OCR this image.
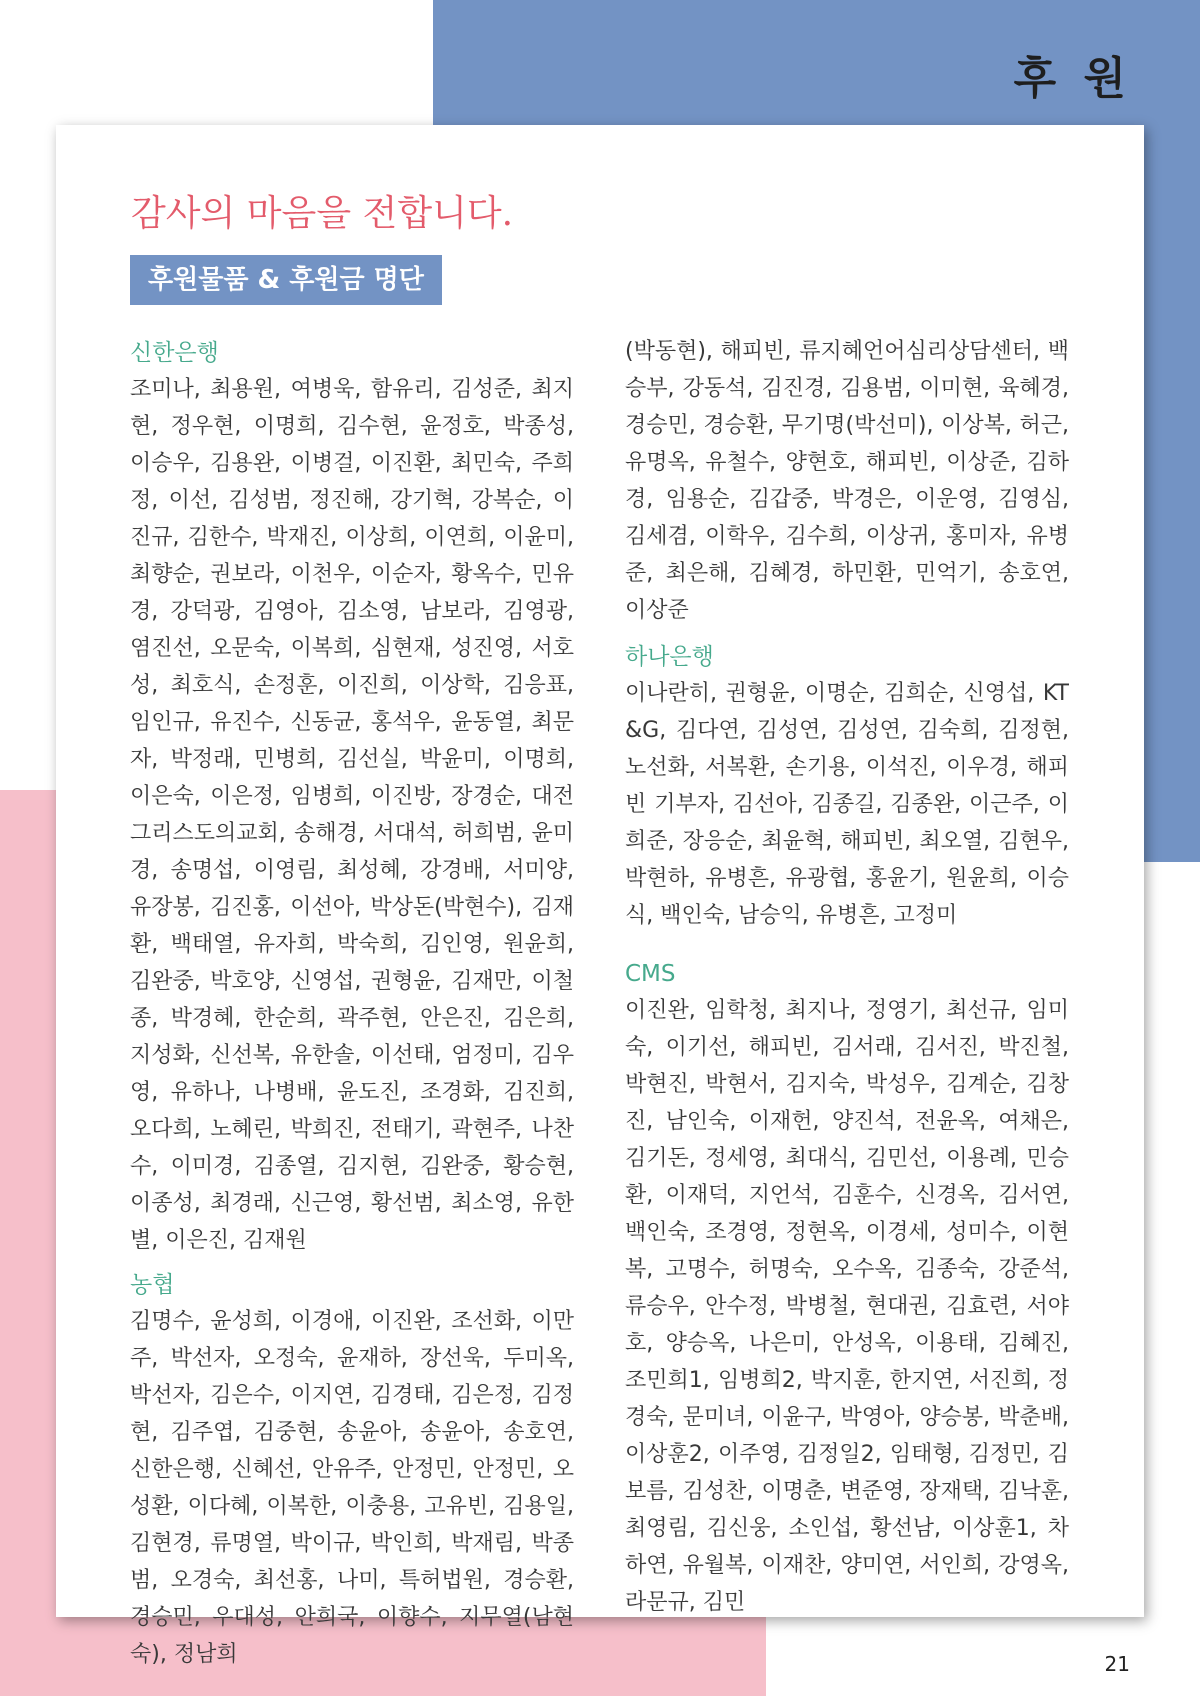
후 원
감사의 마음을 전합니다.
후원물품 & 후원금 명단
신한은행

조미나, 최용원, 여병욱, 함유리, 김성준, 최지현, 정우현, 이명희, 김수현, 윤정호, 박종성, 이승우, 김용완, 이병걸, 이진환, 최민숙, 주희정, 이선, 김성범, 정진해, 강기혁, 강복순, 이진규, 김한수, 박재진, 이상희, 이연희, 이윤미, 최향순, 권보라, 이천우, 이순자, 황옥수, 민유경, 강덕광, 김영아, 김소영, 남보라, 김영광, 염진선, 오문숙, 이복희, 심현재, 성진영, 서호성, 최호식, 손정훈, 이진희, 이상학, 김응표, 임인규, 유진수, 신동균, 홍석우, 윤동열, 최문자, 박정래, 민병희, 김선실, 박윤미, 이명희, 이은숙, 이은정, 임병희, 이진방, 장경순, 대전그리스도의교회, 송해경, 서대석, 허희범, 윤미경, 송명섭, 이영림, 최성혜, 강경배, 서미양, 유장봉, 김진홍, 이선아, 박상돈(박현수), 김재환, 백태열, 유자희, 박숙희, 김인영, 원윤희, 김완중, 박호양, 신영섭, 권형윤, 김재만, 이철종, 박경혜, 한순희, 곽주현, 안은진, 김은희, 지성화, 신선복, 유한솔, 이선태, 엄정미, 김우영, 유하나, 나병배, 윤도진, 조경화, 김진희, 오다희, 노혜린, 박희진, 전태기, 곽현주, 나찬수, 이미경, 김종열, 김지현, 김완중, 황승현, 이종성, 최경래, 신근영, 황선범, 최소영, 유한별, 이은진, 김재원

농협

김명수, 윤성희, 이경애, 이진완, 조선화, 이만주, 박선자, 오정숙, 윤재하, 장선욱, 두미옥, 박선자, 김은수, 이지연, 김경태, 김은정, 김정현, 김주엽, 김중현, 송윤아, 송윤아, 송호연, 신한은행, 신혜선, 안유주, 안정민, 안정민, 오성환, 이다혜, 이복한, 이충용, 고유빈, 김용일, 김현경, 류명열, 박이규, 박인희, 박재림, 박종범, 오경숙, 최선홍, 나미, 특허법원, 경승환, 경승민, 우대성, 안희국, 이향수, 지무열(남현숙), 정남희

(박동현), 해피빈, 류지혜언어심리상담센터, 백승부, 강동석, 김진경, 김용범, 이미현, 육혜경, 경승민, 경승환, 무기명(박선미), 이상복, 허근, 유명옥, 유철수, 양현호, 해피빈, 이상준, 김하경, 임용순, 김갑중, 박경은, 이운영, 김영심, 김세겸, 이학우, 김수희, 이상귀, 홍미자, 유병준, 최은해, 김혜경, 하민환, 민억기, 송호연, 이상준

하나은행

이나란히, 권형윤, 이명순, 김희순, 신영섭, KT&G, 김다연, 김성연, 김성연, 김숙희, 김정현, 노선화, 서복환, 손기용, 이석진, 이우경, 해피빈 기부자, 김선아, 김종길, 김종완, 이근주, 이희준, 장응순, 최윤혁, 해피빈, 최오열, 김현우, 박현하, 유병흔, 유광협, 홍윤기, 원윤희, 이승식, 백인숙, 남승익, 유병흔, 고정미

CMS

이진완, 임학청, 최지나, 정영기, 최선규, 임미숙, 이기선, 해피빈, 김서래, 김서진, 박진철, 박현진, 박현서, 김지숙, 박성우, 김계순, 김창진, 남인숙, 이재헌, 양진석, 전윤옥, 여채은, 김기돈, 정세영, 최대식, 김민선, 이용례, 민승환, 이재덕, 지언석, 김훈수, 신경옥, 김서연, 백인숙, 조경영, 정현옥, 이경세, 성미수, 이현복, 고명수, 허명숙, 오수옥, 김종숙, 강준석, 류승우, 안수정, 박병철, 현대권, 김효련, 서야호, 양승옥, 나은미, 안성옥, 이용태, 김혜진, 조민희1, 임병희2, 박지훈, 한지연, 서진희, 정경숙, 문미녀, 이윤구, 박영아, 양승봉, 박춘배, 이상훈2, 이주영, 김정일2, 임태형, 김정민, 김보름, 김성찬, 이명춘, 변준영, 장재택, 김낙훈, 최영림, 김신웅, 소인섭, 황선남, 이상훈1, 차하연, 유월복, 이재찬, 양미연, 서인희, 강영옥, 라문규, 김민

21
